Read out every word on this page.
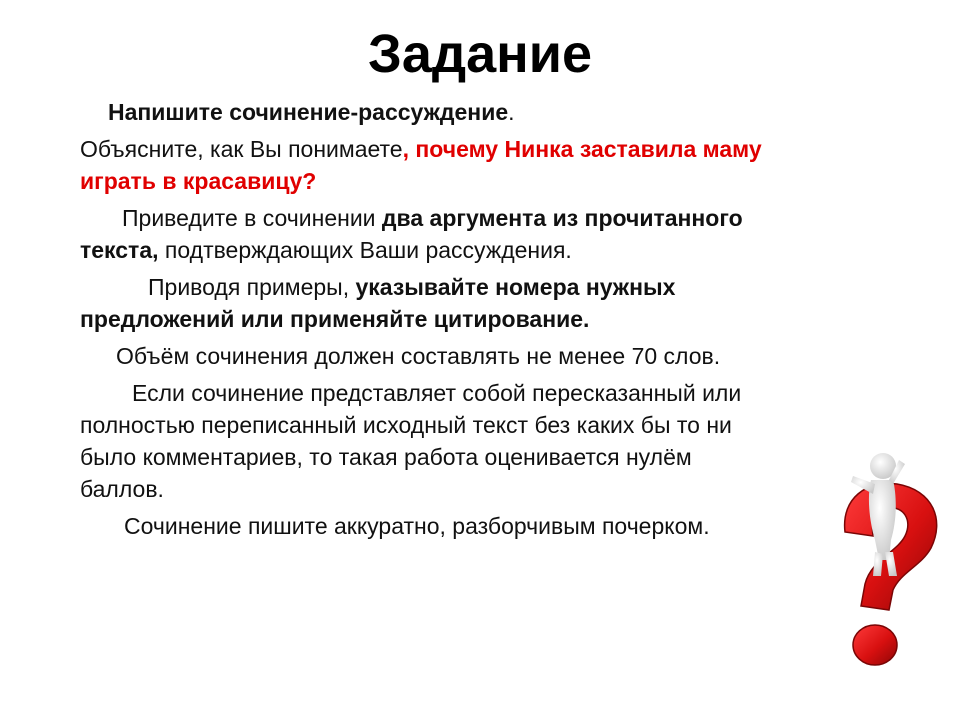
Задание

Напишите сочинение-рассуждение.

Объясните, как Вы понимаете, почему Нинка заставила маму играть в красавицу?

Приведите в сочинении два аргумента из прочитанного текста, подтверждающих Ваши рассуждения.

Приводя примеры, указывайте номера нужных предложений или применяйте цитирование.

Объём сочинения должен составлять не менее 70 слов.

Если сочинение представляет собой пересказанный или полностью переписанный исходный текст без каких бы то ни было комментариев, то такая работа оценивается нулём баллов.

Сочинение пишите аккуратно, разборчивым почерком.
